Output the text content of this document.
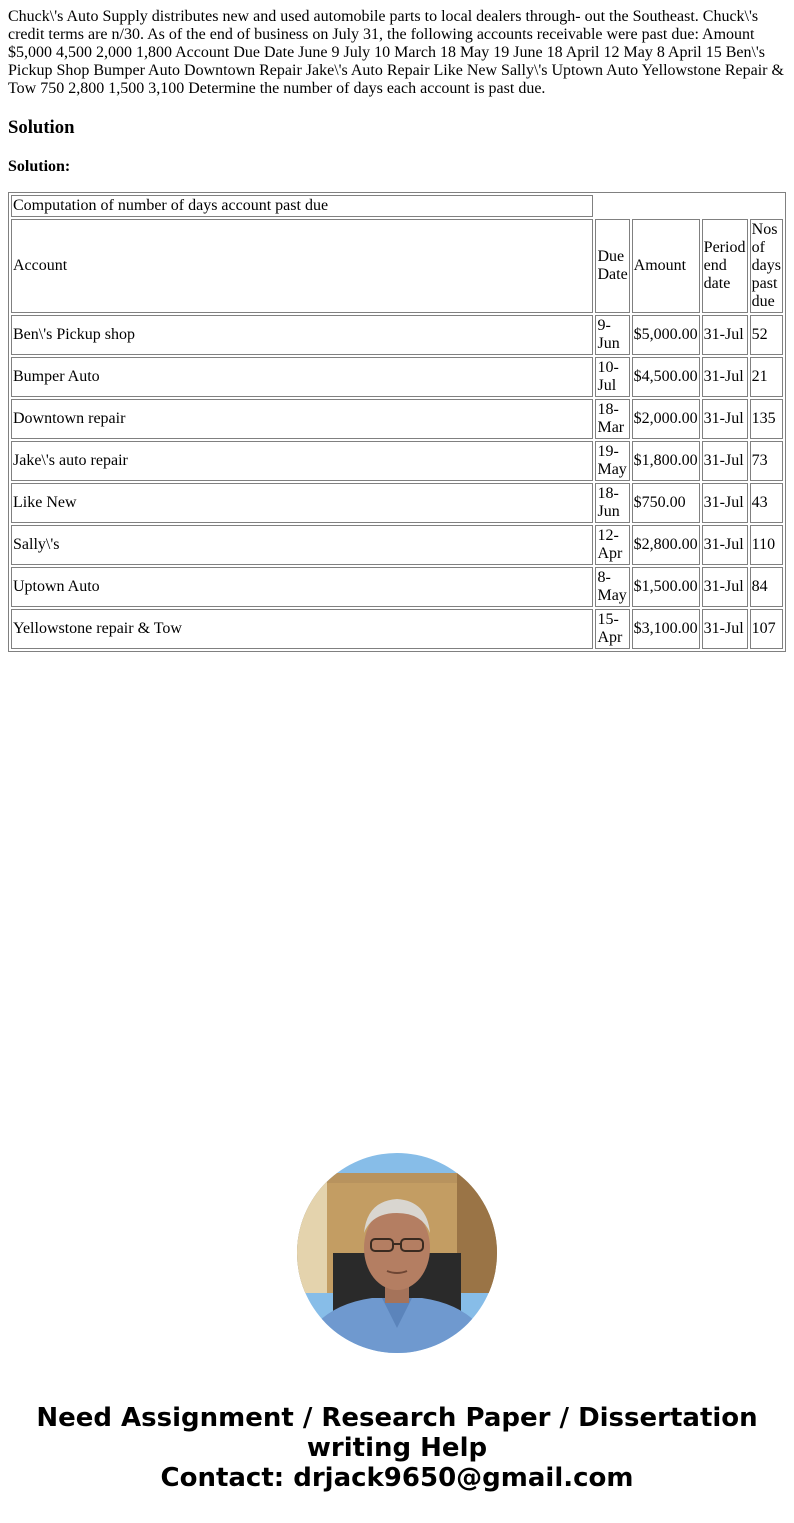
Chuck\'s Auto Supply distributes new and used automobile parts to local dealers through- out the Southeast. Chuck\'s credit terms are n/30. As of the end of business on July 31, the following accounts receivable were past due: Amount $5,000 4,500 2,000 1,800 Account Due Date June 9 July 10 March 18 May 19 June 18 April 12 May 8 April 15 Ben\'s Pickup Shop Bumper Auto Downtown Repair Jake\'s Auto Repair Like New Sally\'s Uptown Auto Yellowstone Repair & Tow 750 2,800 1,500 3,100 Determine the number of days each account is past due.

Solution

Solution:

Computation of number of days account past due				
Account	Due Date	Amount	Period end date	Nos of days past due
Ben\'s Pickup shop	9-Jun	$5,000.00	31-Jul	52
Bumper Auto	10-Jul	$4,500.00	31-Jul	21
Downtown repair	18-Mar	$2,000.00	31-Jul	135
Jake\'s auto repair	19-May	$1,800.00	31-Jul	73
Like New	18-Jun	$750.00	31-Jul	43
Sally\'s	12-Apr	$2,800.00	31-Jul	110
Uptown Auto	8-May	$1,500.00	31-Jul	84
Yellowstone repair & Tow	15-Apr	$3,100.00	31-Jul	107
Need Assignment / Research Paper / Dissertation writing Help
Contact: drjack9650@gmail.com
